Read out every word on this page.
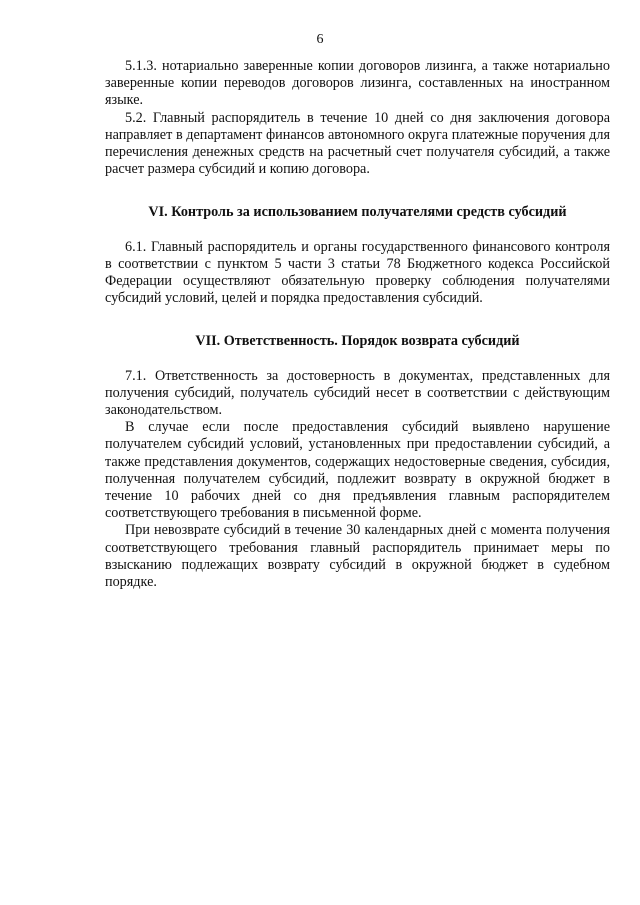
6

5.1.3. нотариально заверенные копии договоров лизинга, а также нотариально заверенные копии переводов договоров лизинга, составленных на иностранном языке.

5.2. Главный распорядитель в течение 10 дней со дня заключения договора направляет в департамент финансов автономного округа платежные поручения для перечисления денежных средств на расчетный счет получателя субсидий, а также расчет размера субсидий и копию договора.

VI. Контроль за использованием получателями средств субсидий

6.1. Главный распорядитель и органы государственного финансового контроля в соответствии с пунктом 5 части 3 статьи 78 Бюджетного кодекса Российской Федерации осуществляют обязательную проверку соблюдения получателями субсидий условий, целей и порядка предоставления субсидий.

VII. Ответственность. Порядок возврата субсидий

7.1. Ответственность за достоверность в документах, представленных для получения субсидий, получатель субсидий несет в соответствии с действующим законодательством.

В случае если после предоставления субсидий выявлено нарушение получателем субсидий условий, установленных при предоставлении субсидий, а также представления документов, содержащих недостоверные сведения, субсидия, полученная получателем субсидий, подлежит возврату в окружной бюджет в течение 10 рабочих дней со дня предъявления главным распорядителем соответствующего требования в письменной форме.

При невозврате субсидий в течение 30 календарных дней с момента получения соответствующего требования главный распорядитель принимает меры по взысканию подлежащих возврату субсидий в окружной бюджет в судебном порядке.
